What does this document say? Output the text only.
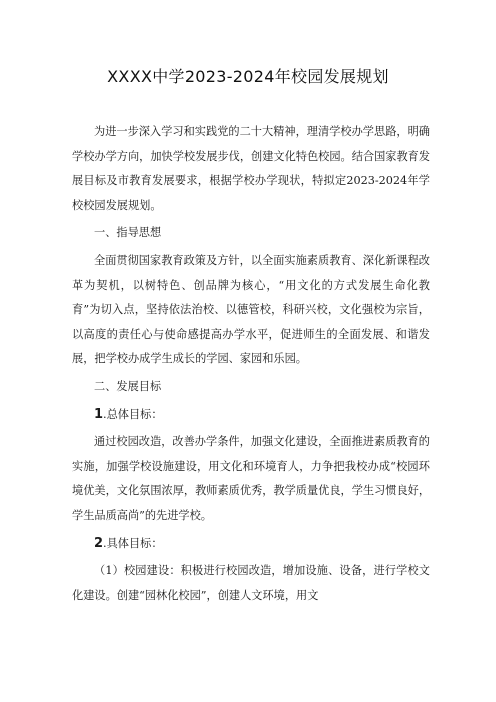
XXXX中学2023-2024年校园发展规划

为进一步深入学习和实践党的二十大精神，理清学校办学思路，明确学校办学方向，加快学校发展步伐，创建文化特色校园。结合国家教育发展目标及市教育发展要求，根据学校办学现状，特拟定2023-2024年学校校园发展规划。

一、指导思想

全面贯彻国家教育政策及方针，以全面实施素质教育、深化新课程改革为契机，以树特色、创品牌为核心，“用文化的方式发展生命化教育”为切入点，坚持依法治校、以德管校，科研兴校，文化强校为宗旨，以高度的责任心与使命感提高办学水平，促进师生的全面发展、和谐发展，把学校办成学生成长的学园、家园和乐园。

二、发展目标

1.总体目标：

通过校园改造，改善办学条件，加强文化建设，全面推进素质教育的实施，加强学校设施建设，用文化和环境育人，力争把我校办成“校园环境优美，文化氛围浓厚，教师素质优秀，教学质量优良，学生习惯良好，学生品质高尚”的先进学校。

2.具体目标：

（1）校园建设：积极进行校园改造，增加设施、设备，进行学校文化建设。创建“园林化校园”，创建人文环境，用文
